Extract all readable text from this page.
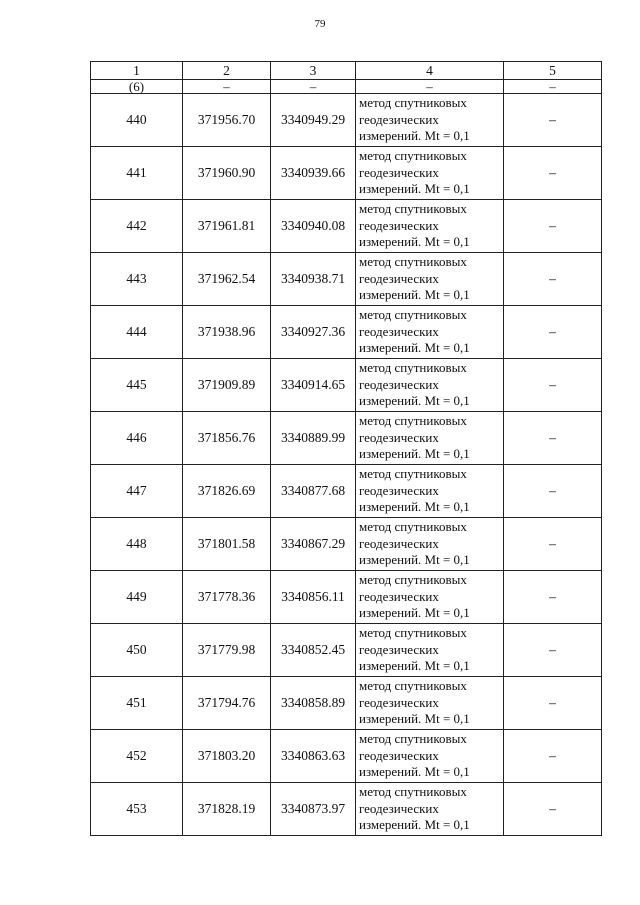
79
1	2	3	4	5
(6)	–	–	–	–
440	371956.70	3340949.29	метод спутниковых
геодезических
измерений. Mt = 0,1	–
441	371960.90	3340939.66	метод спутниковых
геодезических
измерений. Mt = 0,1	–
442	371961.81	3340940.08	метод спутниковых
геодезических
измерений. Mt = 0,1	–
443	371962.54	3340938.71	метод спутниковых
геодезических
измерений. Mt = 0,1	–
444	371938.96	3340927.36	метод спутниковых
геодезических
измерений. Mt = 0,1	–
445	371909.89	3340914.65	метод спутниковых
геодезических
измерений. Mt = 0,1	–
446	371856.76	3340889.99	метод спутниковых
геодезических
измерений. Mt = 0,1	–
447	371826.69	3340877.68	метод спутниковых
геодезических
измерений. Mt = 0,1	–
448	371801.58	3340867.29	метод спутниковых
геодезических
измерений. Mt = 0,1	–
449	371778.36	3340856.11	метод спутниковых
геодезических
измерений. Mt = 0,1	–
450	371779.98	3340852.45	метод спутниковых
геодезических
измерений. Mt = 0,1	–
451	371794.76	3340858.89	метод спутниковых
геодезических
измерений. Mt = 0,1	–
452	371803.20	3340863.63	метод спутниковых
геодезических
измерений. Mt = 0,1	–
453	371828.19	3340873.97	метод спутниковых
геодезических
измерений. Mt = 0,1	–
